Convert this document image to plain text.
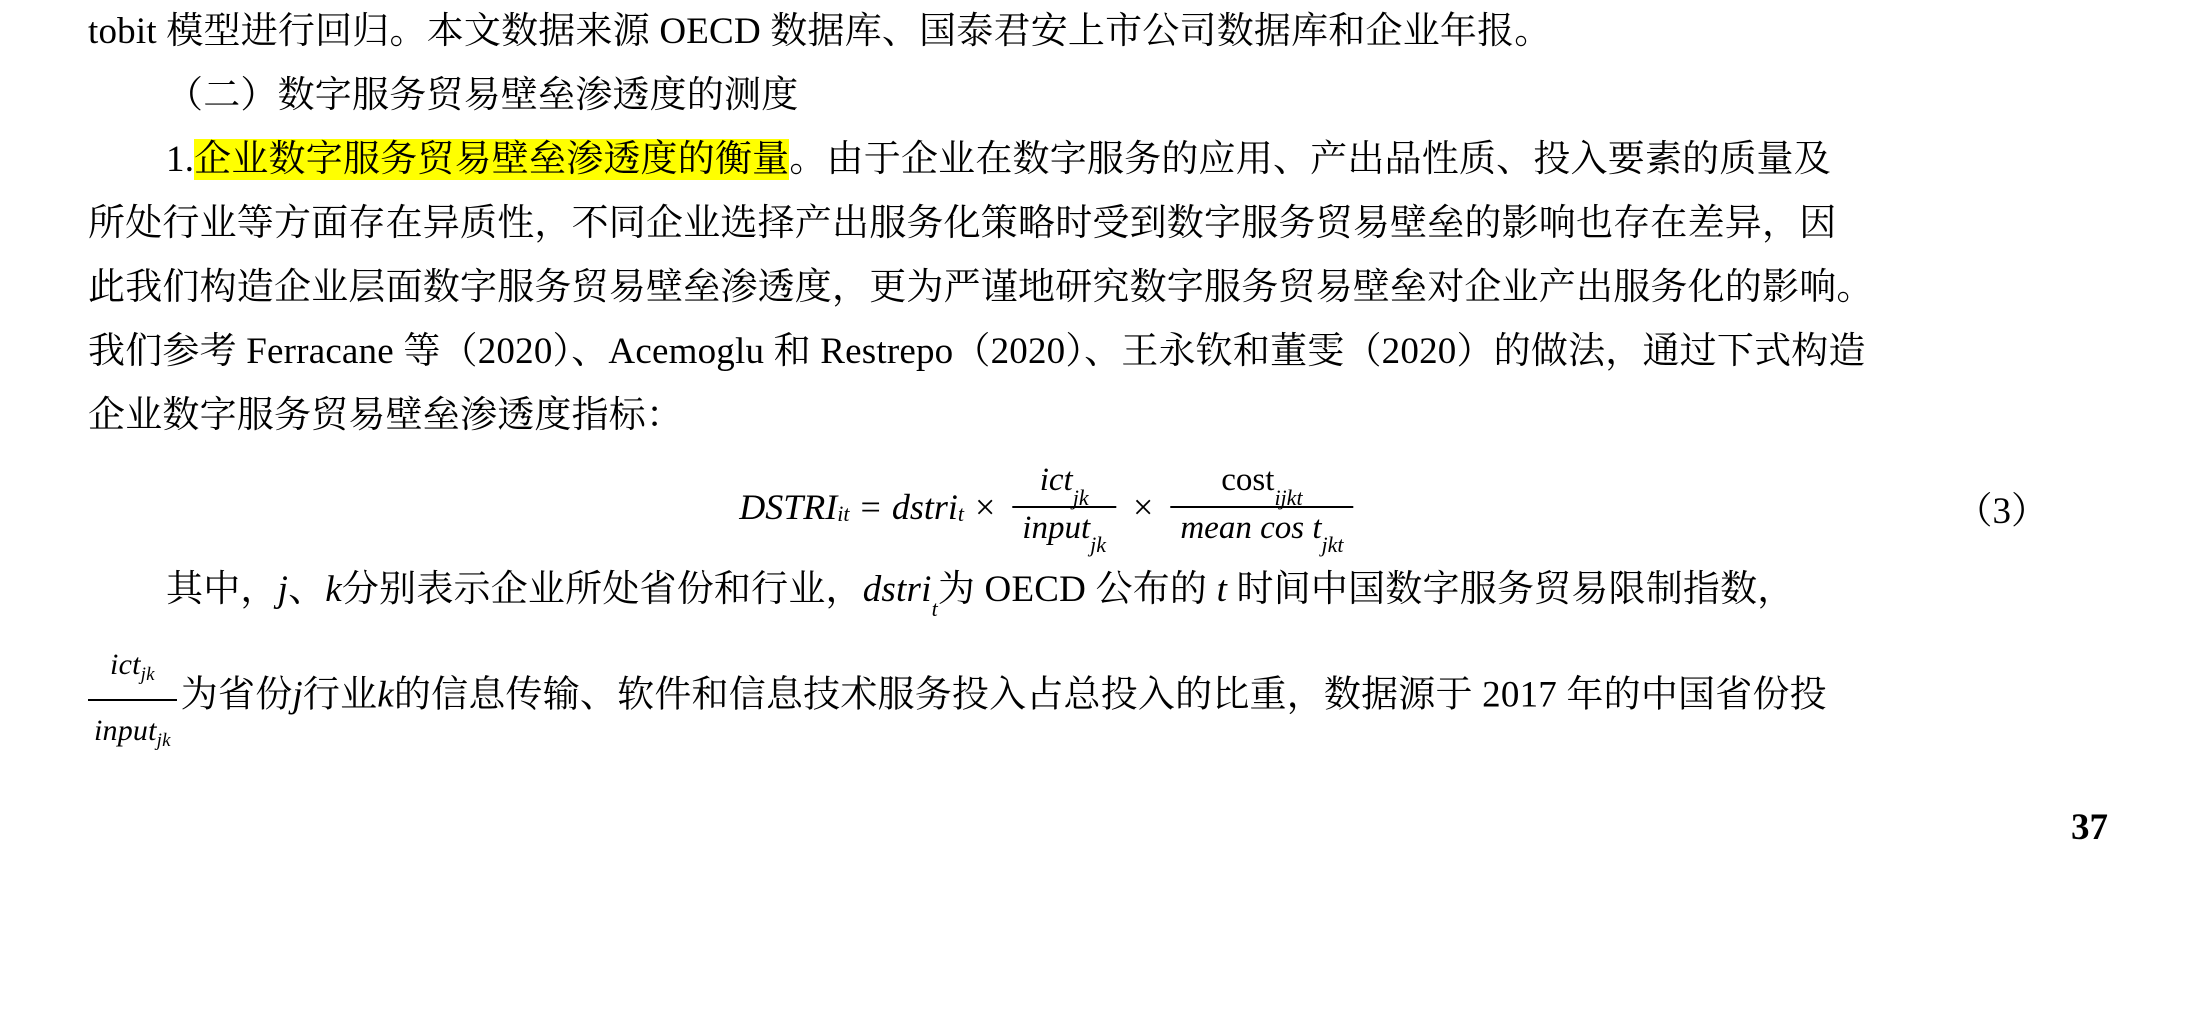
tobit 模型进行回归。本文数据来源 OECD 数据库、国泰君安上市公司数据库和企业年报。

（二）数字服务贸易壁垒渗透度的测度

1.企业数字服务贸易壁垒渗透度的衡量。由于企业在数字服务的应用、产出品性质、投入要素的质量及
所处行业等方面存在异质性，不同企业选择产出服务化策略时受到数字服务贸易壁垒的影响也存在差异，因
此我们构造企业层面数字服务贸易壁垒渗透度，更为严谨地研究数字服务贸易壁垒对企业产出服务化的影响。
我们参考 Ferracane 等（2020）、Acemoglu 和 Restrepo（2020）、王永钦和董雯（2020）的做法，通过下式构造
企业数字服务贸易壁垒渗透度指标：

DSTRI it = dstri $t \times \frac{ict_{jk}}{input_{jk}} \times \frac{\cos t_{ijkt}}{mean \cos t_{jkt}}$	（3）

其中，j、k分别表示企业所处省份和行业，dstri$_t$为 OECD 公布的 t 时间中国数字服务贸易限制指数，
$\frac{ict_{jk}}{input_{jk}}$ 为省份j行业k的信息传输、软件和信息技术服务投入占总投入的比重，数据源于 2017 年的中国省份投

37
